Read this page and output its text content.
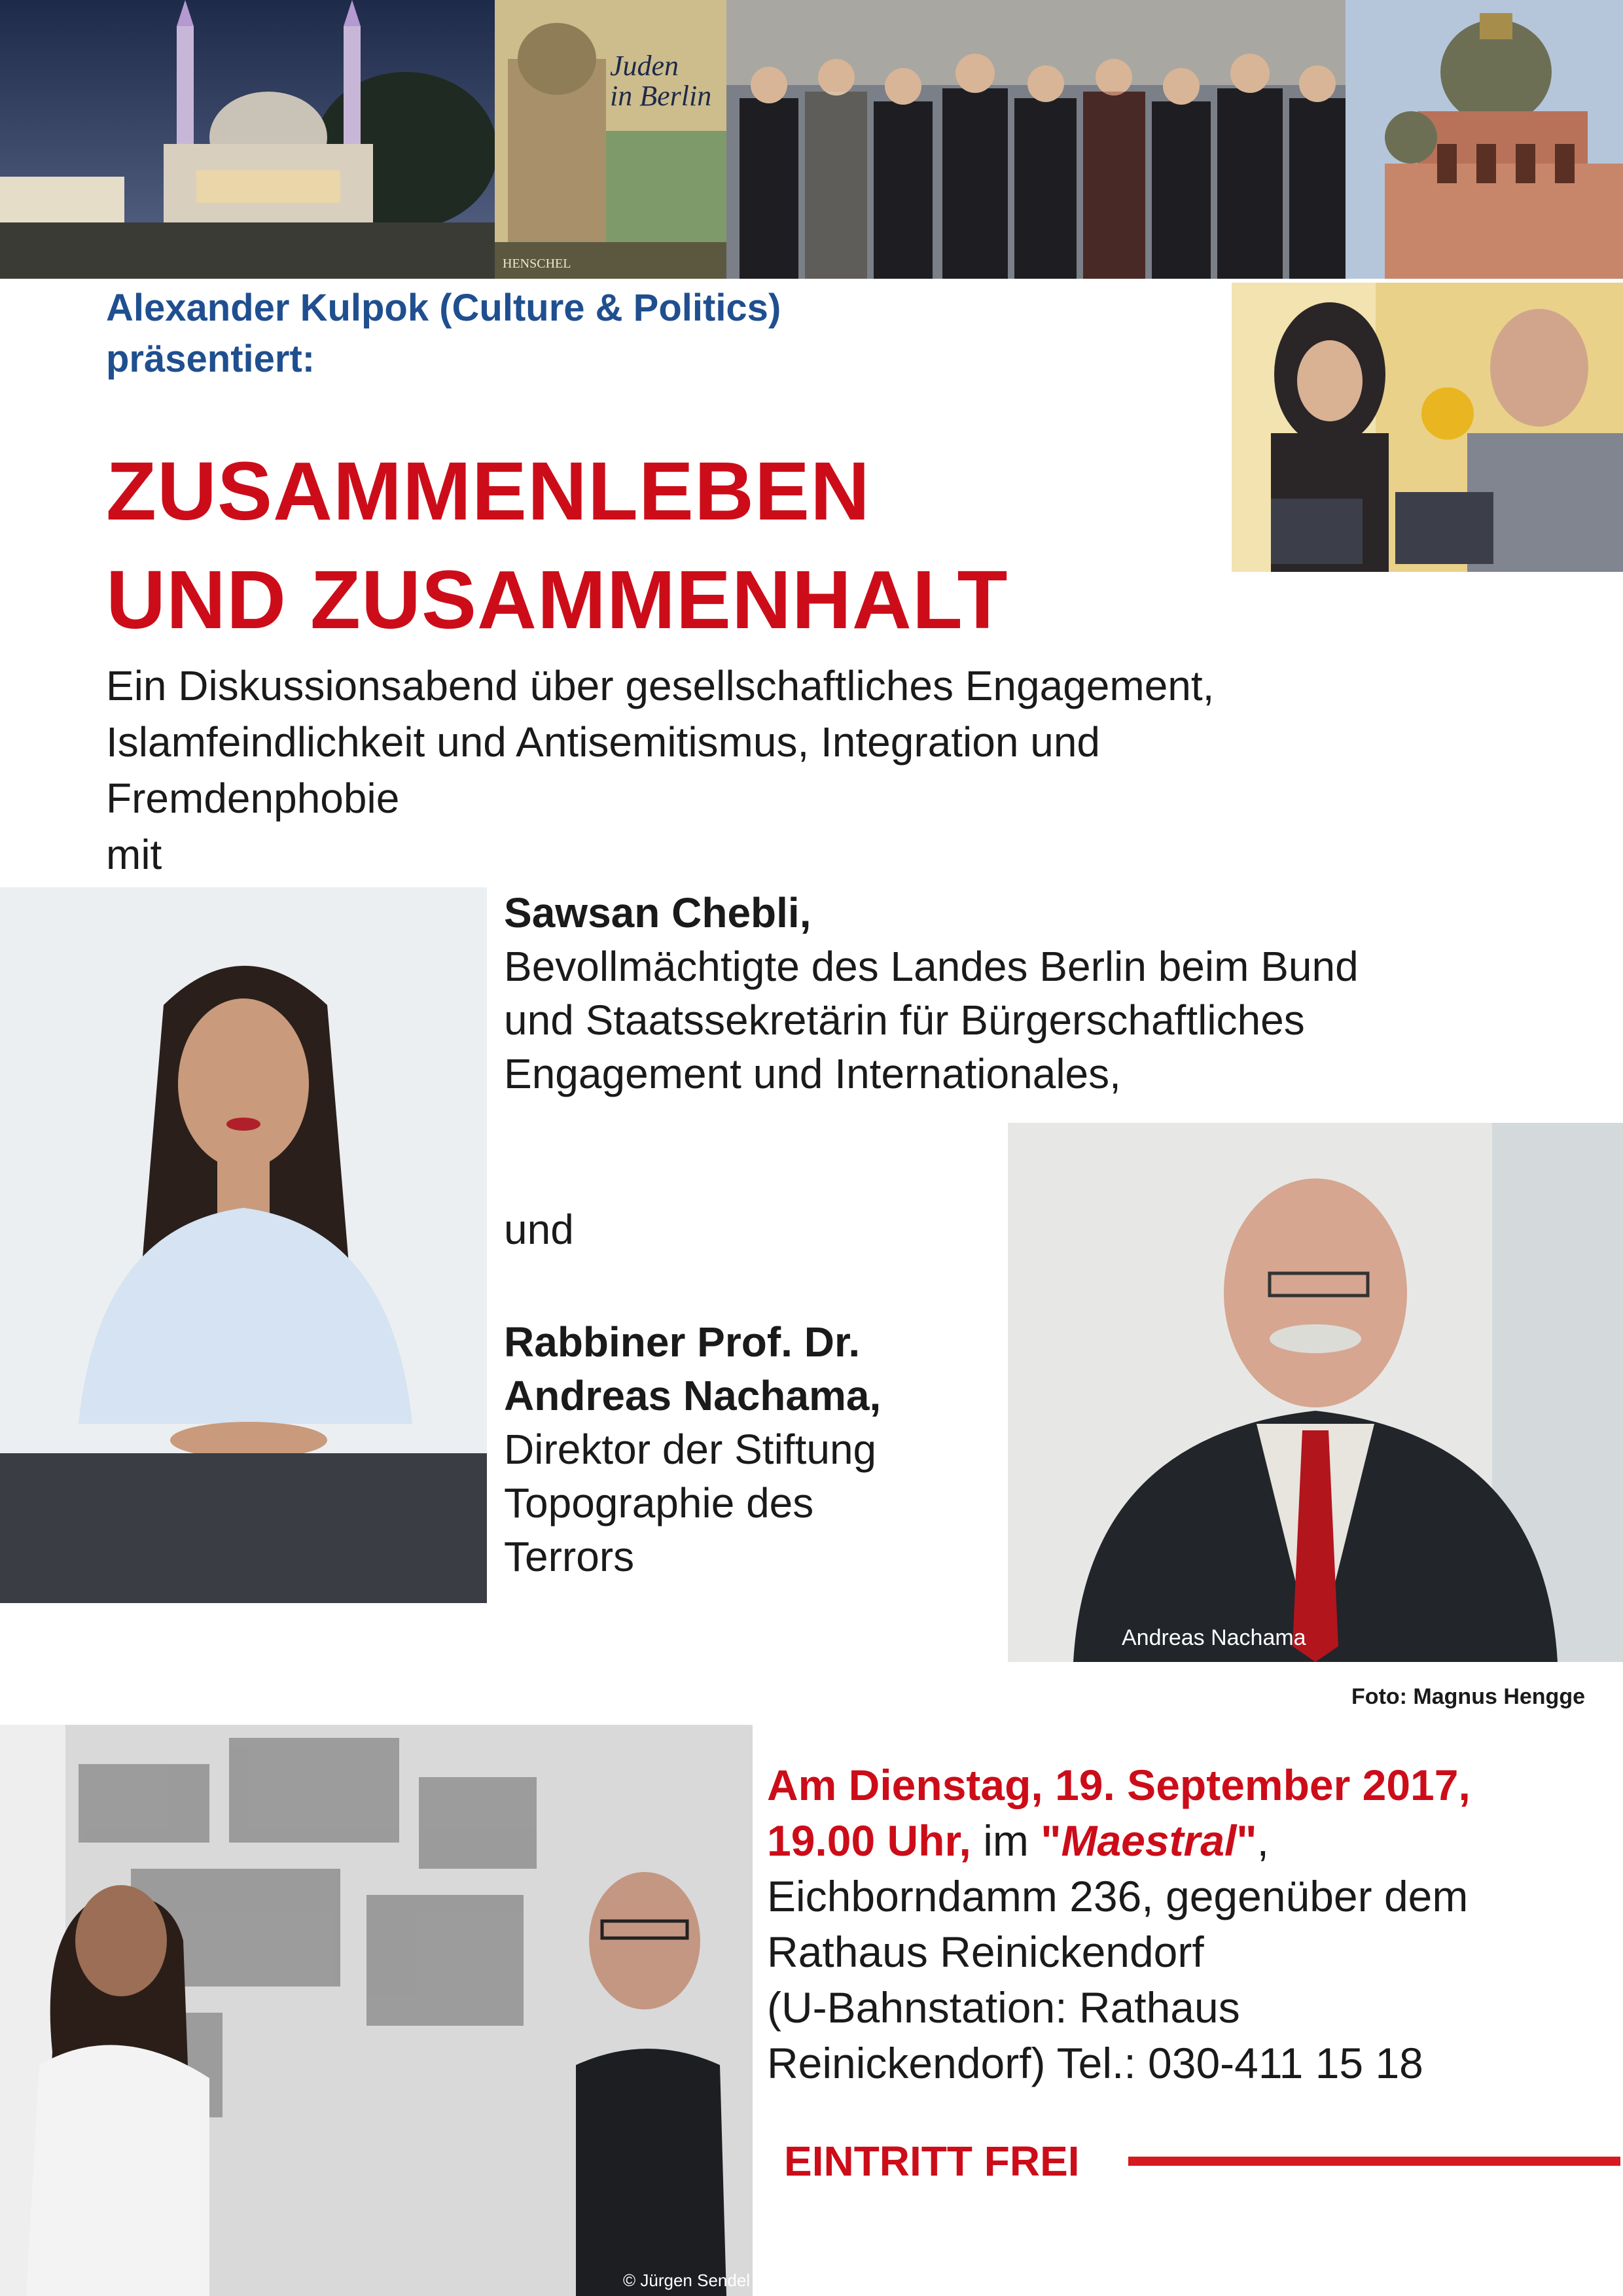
Juden
in Berlin
HENSCHEL
Alexander Kulpok (Culture & Politics)
präsentiert:
ZUSAMMENLEBEN
UND ZUSAMMENHALT
Ein Diskussionsabend über gesellschaftliches Engagement,
Islamfeindlichkeit und Antisemitismus, Integration und
Fremdenphobie
mit
Sawsan Chebli,
Bevollmächtigte des Landes Berlin beim Bund
und Staatssekretärin für Bürgerschaftliches
Engagement und Internationales,
und
Rabbiner Prof. Dr.
Andreas Nachama,
Direktor der Stiftung
Topographie des
Terrors
Andreas Nachama
Foto: Magnus Hengge
© Jürgen Sendel
Am Dienstag, 19. September 2017,
19.00 Uhr, im "Maestral",
Eichborndamm 236, gegenüber dem
Rathaus Reinickendorf
(U-Bahnstation: Rathaus
Reinickendorf) Tel.: 030-411 15 18
EINTRITT FREI
